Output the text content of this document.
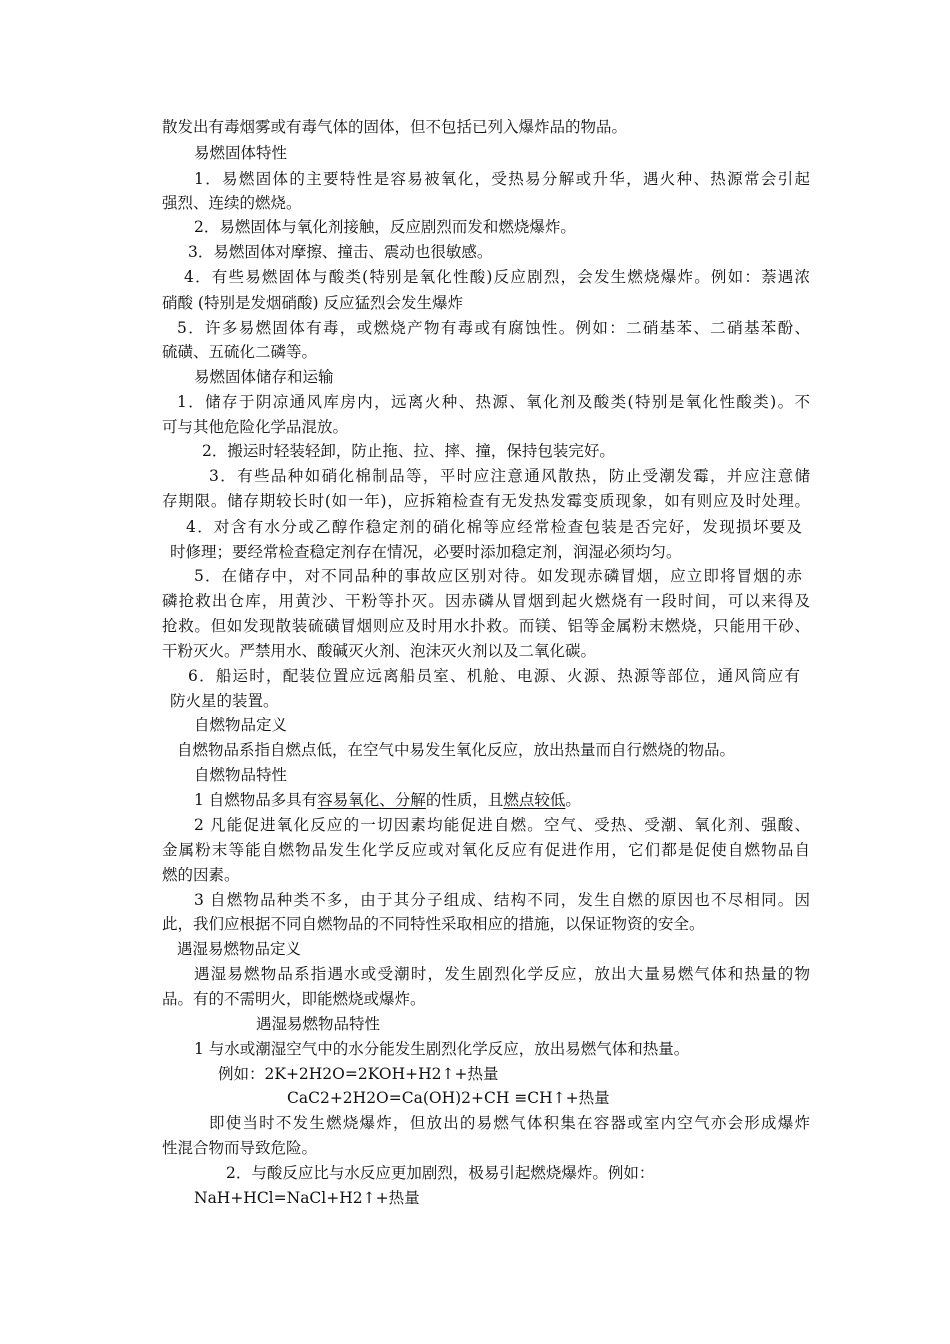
散发出有毒烟雾或有毒气体的固体，但不包括已列入爆炸品的物品。
易燃固体特性
1．易燃固体的主要特性是容易被氧化，受热易分解或升华，遇火种、热源常会引起
强烈、连续的燃烧。
2．易燃固体与氧化剂接触，反应剧烈而发和燃烧爆炸。
3．易燃固体对摩擦、撞击、震动也很敏感。
4．有些易燃固体与酸类(特别是氧化性酸)反应剧烈，会发生燃烧爆炸。例如：萘遇浓
硝酸 (特别是发烟硝酸) 反应猛烈会发生爆炸
5．许多易燃固体有毒，或燃烧产物有毒或有腐蚀性。例如：二硝基苯、二硝基苯酚、
硫磺、五硫化二磷等。
易燃固体储存和运输
1．储存于阴凉通风库房内，远离火种、热源、氧化剂及酸类(特别是氧化性酸类)。不
可与其他危险化学品混放。
2．搬运时轻装轻卸，防止拖、拉、摔、撞，保持包装完好。
3．有些品种如硝化棉制品等，平时应注意通风散热，防止受潮发霉，并应注意储
存期限。储存期较长时(如一年)，应拆箱检查有无发热发霉变质现象，如有则应及时处理。
4．对含有水分或乙醇作稳定剂的硝化棉等应经常检查包装是否完好，发现损坏要及
时修理；要经常检查稳定剂存在情况，必要时添加稳定剂，润湿必须均匀。
5．在储存中，对不同品种的事故应区别对待。如发现赤磷冒烟，应立即将冒烟的赤
磷抢救出仓库，用黄沙、干粉等扑灭。因赤磷从冒烟到起火燃烧有一段时间，可以来得及
抢救。但如发现散装硫磺冒烟则应及时用水扑救。而镁、铝等金属粉末燃烧，只能用干砂、
干粉灭火。严禁用水、酸碱灭火剂、泡沫灭火剂以及二氧化碳。
6．船运时，配装位置应远离船员室、机舱、电源、火源、热源等部位，通风筒应有
防火星的装置。
自燃物品定义
自燃物品系指自燃点低，在空气中易发生氧化反应，放出热量而自行燃烧的物品。
自燃物品特性
1 自燃物品多具有容易氧化、分解的性质，且燃点较低。
2 凡能促进氧化反应的一切因素均能促进自燃。空气、受热、受潮、氧化剂、强酸、
金属粉末等能自燃物品发生化学反应或对氧化反应有促进作用，它们都是促使自燃物品自
燃的因素。
3 自燃物品种类不多，由于其分子组成、结构不同，发生自燃的原因也不尽相同。因
此，我们应根据不同自燃物品的不同特性采取相应的措施，以保证物资的安全。
遇湿易燃物品定义
遇湿易燃物品系指遇水或受潮时，发生剧烈化学反应，放出大量易燃气体和热量的物
品。有的不需明火，即能燃烧或爆炸。
遇湿易燃物品特性
1 与水或潮湿空气中的水分能发生剧烈化学反应，放出易燃气体和热量。
例如：2K+2H2O=2KOH+H2↑+热量
CaC2+2H2O=Ca(OH)2+CH ≡CH↑+热量
即使当时不发生燃烧爆炸，但放出的易燃气体积集在容器或室内空气亦会形成爆炸
性混合物而导致危险。
2．与酸反应比与水反应更加剧烈，极易引起燃烧爆炸。例如：
NaH+HCl=NaCl+H2↑+热量
